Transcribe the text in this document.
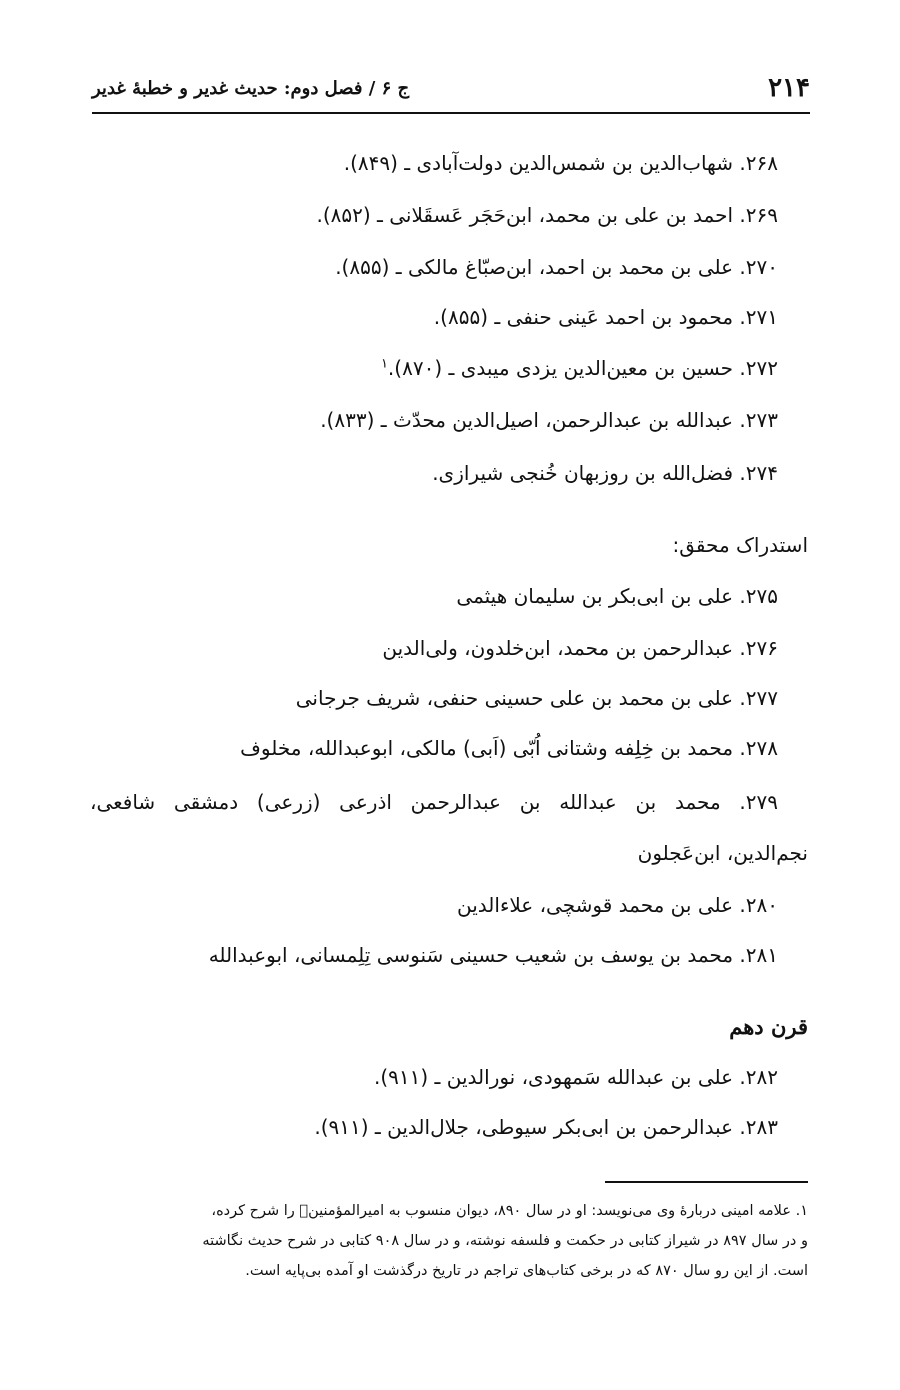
۲۱۴
ج ۶ / فصل دوم: حدیث غدیر و خطبهٔ غدیر
۲۶۸. شهاب‌الدین بن شمس‌الدین دولت‌آبادی ـ (۸۴۹).
۲۶۹. احمد بن علی بن محمد، ابن‌حَجَر عَسقَلانی ـ (۸۵۲).
۲۷۰. علی بن محمد بن احمد، ابن‌صبّاغ مالکی ـ (۸۵۵).
۲۷۱. محمود بن احمد عَینی حنفی ـ (۸۵۵).
۲۷۲. حسین بن معین‌الدین یزدی میبدی ـ (۸۷۰).$^۱$
۲۷۳. عبدالله بن عبدالرحمن، اصیل‌الدین محدّث ـ (۸۳۳).
۲۷۴. فضل‌الله بن روزبهان خُنجی شیرازی.
استدراک محقق:
۲۷۵. علی بن ابی‌بکر بن سلیمان هیثمی
۲۷۶. عبدالرحمن بن محمد، ابن‌خلدون، ولی‌الدین
۲۷۷. علی بن محمد بن علی حسینی حنفی، شریف جرجانی
۲۷۸. محمد بن خِلِفه وشتانی اُبّی (اَبی) مالکی، ابوعبدالله، مخلوف
۲۷۹. محمد بن عبدالله بن عبدالرحمن اذرعی (زرعی) دمشقی شافعی،
نجم‌الدین، ابن‌عَجلون
۲۸۰. علی بن محمد قوشچی، علاءالدین
۲۸۱. محمد بن یوسف بن شعیب حسینی سَنوسی تِلِمسانی، ابوعبدالله
قرن دهم
۲۸۲. علی بن عبدالله سَمهودی، نورالدین ـ (۹۱۱).
۲۸۳. عبدالرحمن بن ابی‌بکر سیوطی، جلال‌الدین ـ (۹۱۱).
۱. علامه امینی دربارهٔ وی می‌نویسد: او در سال ۸۹۰، دیوان منسوب به امیرالمؤمنین﷤ را شرح کرده،
و در سال ۸۹۷ در شیراز کتابی در حکمت و فلسفه نوشته، و در سال ۹۰۸ کتابی در شرح حدیث نگاشته
است. از این رو سال ۸۷۰ که در برخی کتاب‌های تراجم در تاریخ درگذشت او آمده بی‌پایه است.
